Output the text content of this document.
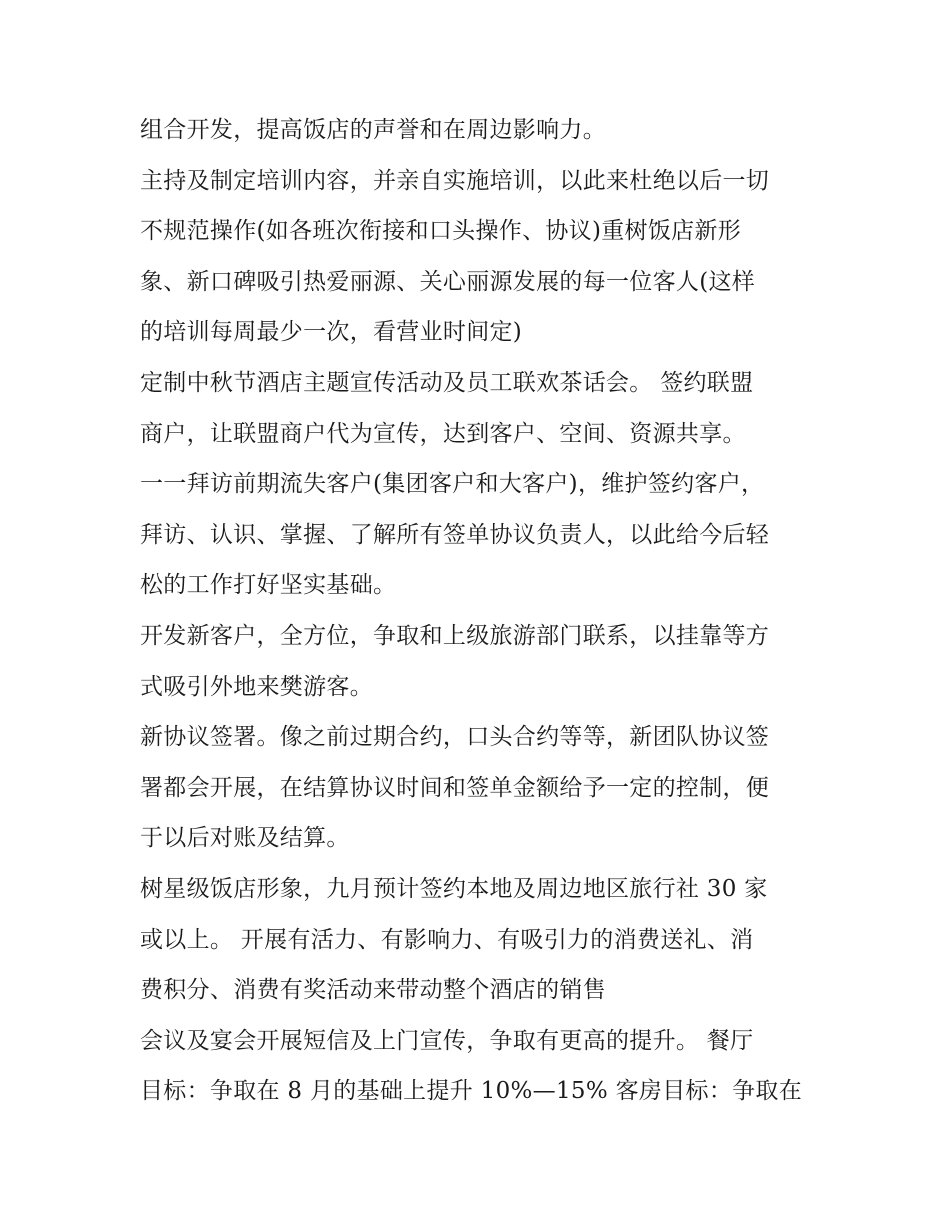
组合开发，提高饭店的声誉和在周边影响力。
主持及制定培训内容，并亲自实施培训，以此来杜绝以后一切
不规范操作(如各班次衔接和口头操作、协议)重树饭店新形
象、新口碑吸引热爱丽源、关心丽源发展的每一位客人(这样
的培训每周最少一次，看营业时间定)
定制中秋节酒店主题宣传活动及员工联欢茶话会。 签约联盟
商户，让联盟商户代为宣传，达到客户、空间、资源共享。
一一拜访前期流失客户(集团客户和大客户)，维护签约客户，
拜访、认识、掌握、了解所有签单协议负责人，以此给今后轻
松的工作打好坚实基础。
开发新客户，全方位，争取和上级旅游部门联系，以挂靠等方
式吸引外地来樊游客。
新协议签署。像之前过期合约，口头合约等等，新团队协议签
署都会开展，在结算协议时间和签单金额给予一定的控制，便
于以后对账及结算。
树星级饭店形象，九月预计签约本地及周边地区旅行社 30 家
或以上。 开展有活力、有影响力、有吸引力的消费送礼、消
费积分、消费有奖活动来带动整个酒店的销售
会议及宴会开展短信及上门宣传，争取有更高的提升。 餐厅
目标：争取在 8 月的基础上提升 10%—15% 客房目标：争取在
